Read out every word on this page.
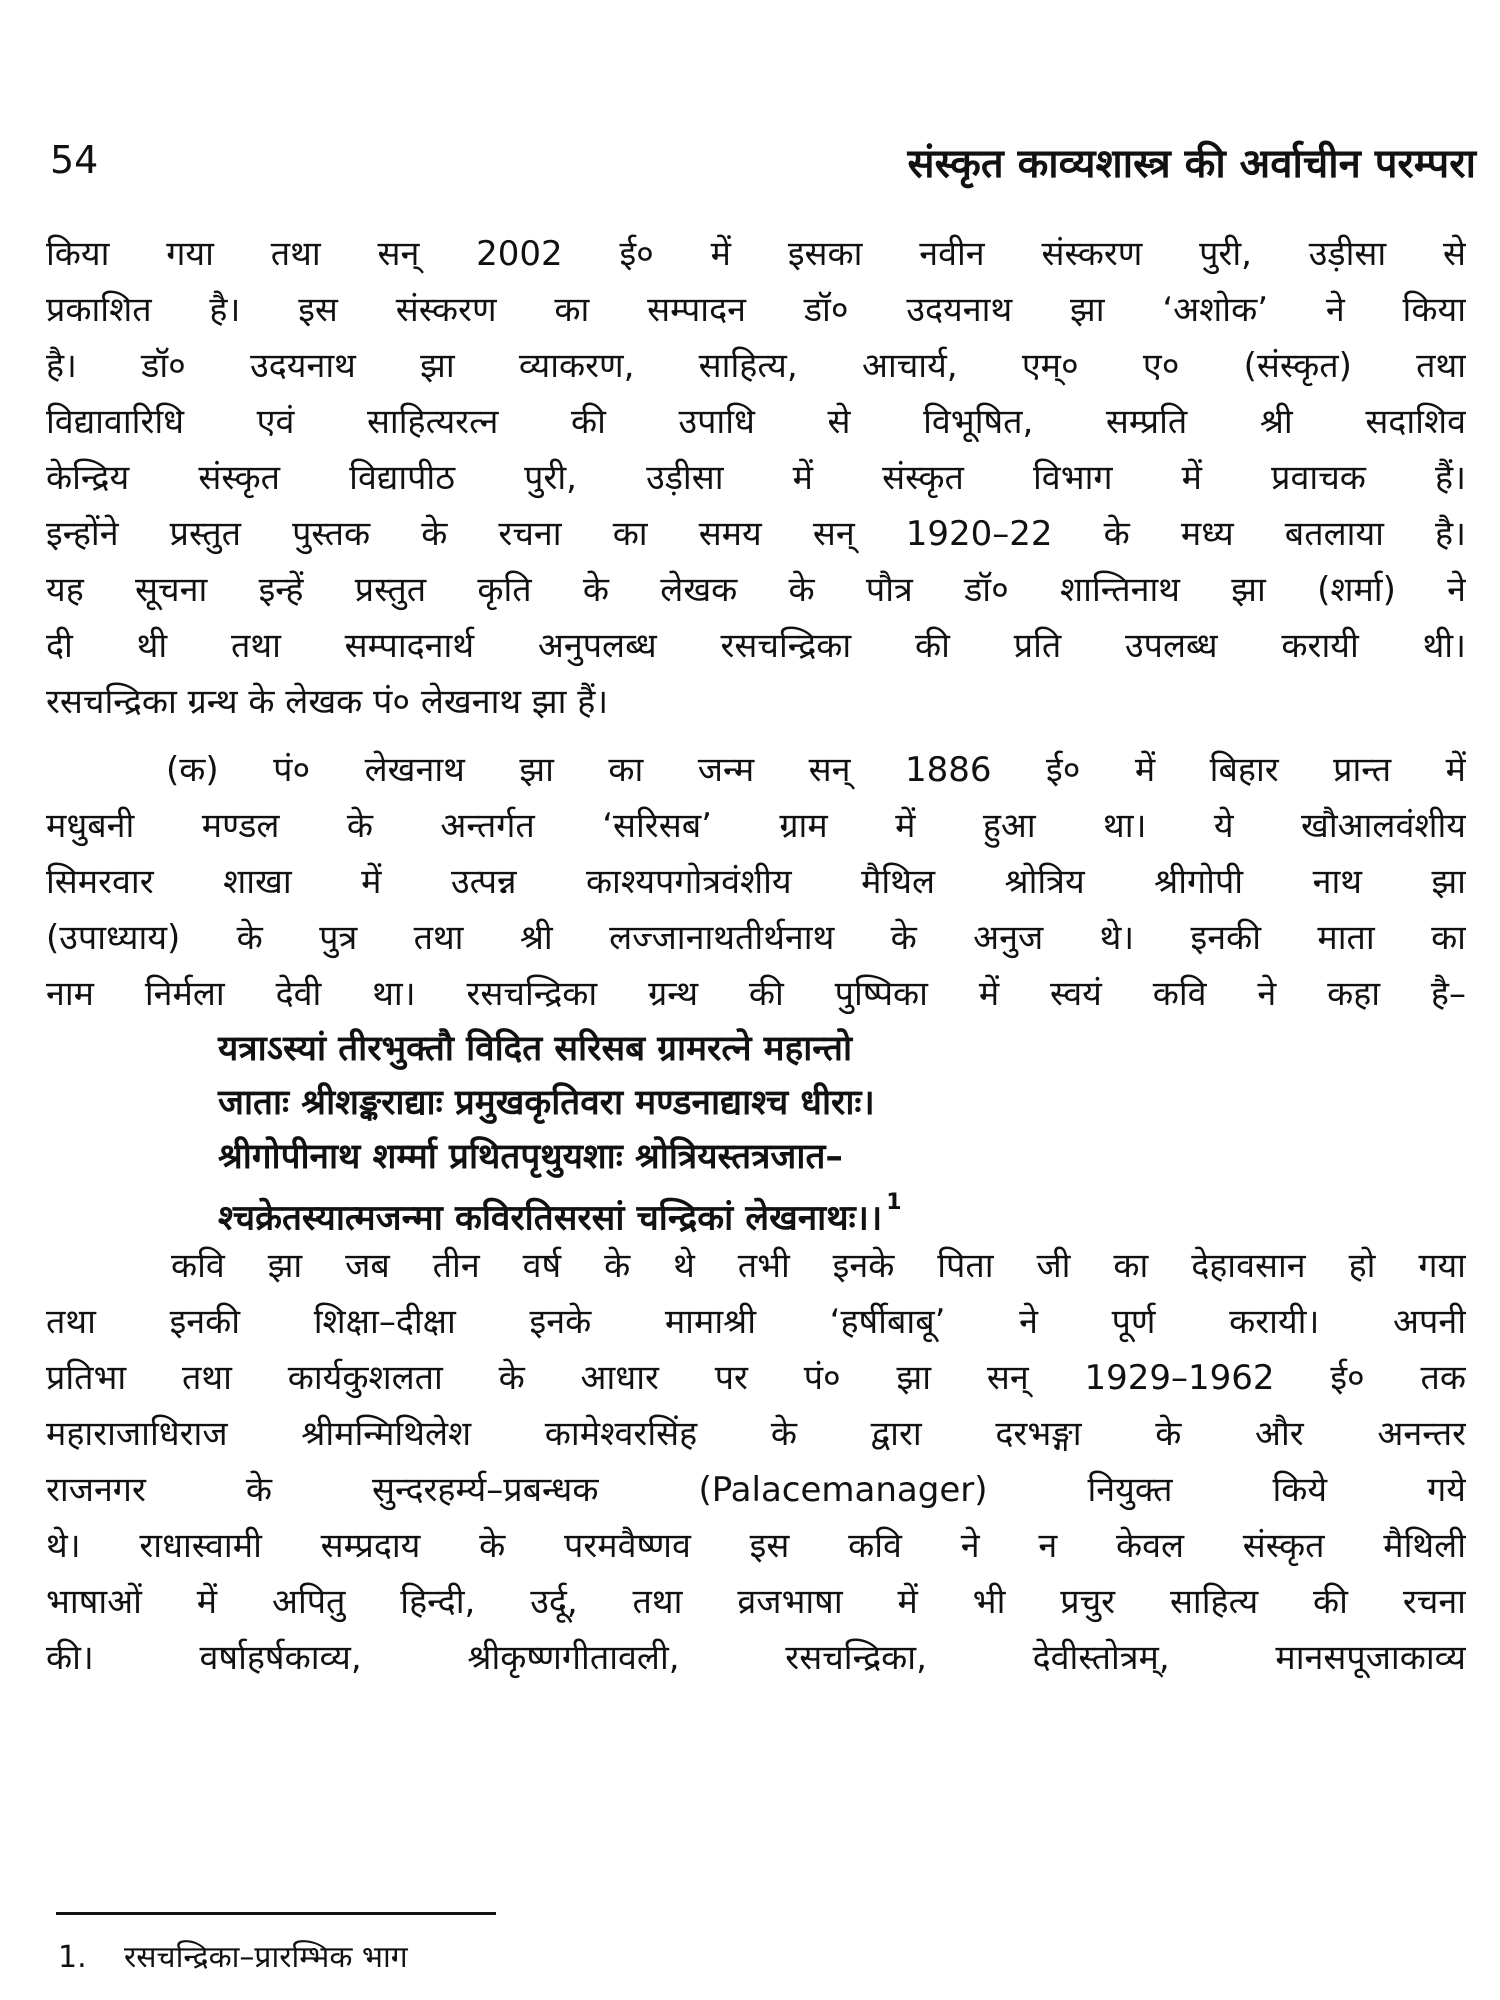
54	संस्कृत काव्यशास्त्र की अर्वाचीन परम्परा
किया गया तथा सन् 2002 ई० में इसका नवीन संस्करण पुरी, उड़ीसा से
प्रकाशित है। इस संस्करण का सम्पादन डॉ० उदयनाथ झा ‘अशोक’ ने किया
है। डॉ० उदयनाथ झा व्याकरण, साहित्य, आचार्य, एम्० ए० (संस्कृत) तथा
विद्यावारिधि एवं साहित्यरत्न की उपाधि से विभूषित, सम्प्रति श्री सदाशिव
केन्द्रिय संस्कृत विद्यापीठ पुरी, उड़ीसा में संस्कृत विभाग में प्रवाचक हैं।
इन्होंने प्रस्तुत पुस्तक के रचना का समय सन् 1920–22 के मध्य बतलाया है।
यह सूचना इन्हें प्रस्तुत कृति के लेखक के पौत्र डॉ० शान्तिनाथ झा (शर्मा) ने
दी थी तथा सम्पादनार्थ अनुपलब्ध रसचन्द्रिका की प्रति उपलब्ध करायी थी।
रसचन्द्रिका ग्रन्थ के लेखक पं० लेखनाथ झा हैं।
(क) पं० लेखनाथ झा का जन्म सन् 1886 ई० में बिहार प्रान्त में
मधुबनी मण्डल के अन्तर्गत ‘सरिसब’ ग्राम में हुआ था। ये खौआलवंशीय
सिमरवार शाखा में उत्पन्न काश्यपगोत्रवंशीय मैथिल श्रोत्रिय श्रीगोपी नाथ झा
(उपाध्याय) के पुत्र तथा श्री लज्जानाथतीर्थनाथ के अनुज थे। इनकी माता का
नाम निर्मला देवी था। रसचन्द्रिका ग्रन्थ की पुष्पिका में स्वयं कवि ने कहा है–
यत्राऽस्यां तीरभुक्तौ विदित सरिसब ग्रामरत्ने महान्तो
जाताः श्रीशङ्कराद्याः प्रमुखकृतिवरा मण्डनाद्याश्च धीराः।
श्रीगोपीनाथ शर्म्मा प्रथितपृथुयशाः श्रोत्रियस्तत्रजात–
श्चक्रेतस्यात्मजन्मा कविरतिसरसां चन्द्रिकां लेखनाथः।। $^1$
कवि झा जब तीन वर्ष के थे तभी इनके पिता जी का देहावसान हो गया
तथा इनकी शिक्षा–दीक्षा इनके मामाश्री ‘हर्षीबाबू’ ने पूर्ण करायी। अपनी
प्रतिभा तथा कार्यकुशलता के आधार पर पं० झा सन् 1929–1962 ई० तक
महाराजाधिराज श्रीमन्मिथिलेश कामेश्वरसिंह के द्वारा दरभङ्गा के और अनन्तर
राजनगर के सुन्दरहर्म्य–प्रबन्धक (Palacemanager) नियुक्त किये गये
थे। राधास्वामी सम्प्रदाय के परमवैष्णव इस कवि ने न केवल संस्कृत मैथिली
भाषाओं में अपितु हिन्दी, उर्दू, तथा व्रजभाषा में भी प्रचुर साहित्य की रचना
की। वर्षाहर्षकाव्य, श्रीकृष्णगीतावली, रसचन्द्रिका, देवीस्तोत्रम्, मानसपूजाकाव्य
1. रसचन्द्रिका–प्रारम्भिक भाग
